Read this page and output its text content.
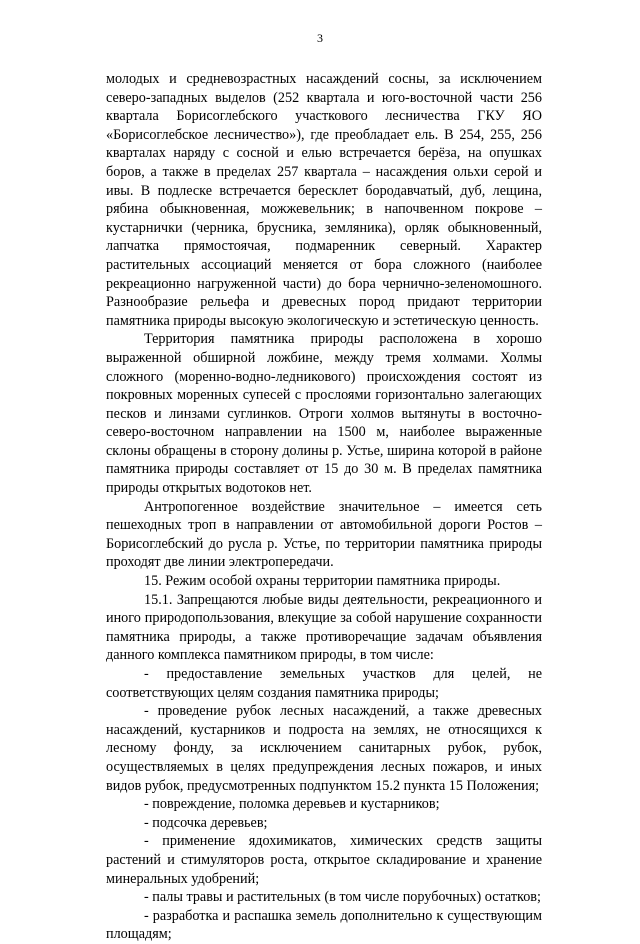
3

молодых и средневозрастных насаждений сосны, за исключением северо-западных выделов (252 квартала и юго-восточной части 256 квартала Борисоглебского участкового лесничества ГКУ ЯО «Борисоглебское лесничество»), где преобладает ель. В 254, 255, 256 кварталах наряду с сосной и елью встречается берёза, на опушках боров, а также в пределах 257 квартала – насаждения ольхи серой и ивы. В подлеске встречается бересклет бородавчатый, дуб, лещина, рябина обыкновенная, можжевельник; в напочвенном покрове – кустарнички (черника, брусника, земляника), орляк обыкновенный, лапчатка прямостоячая, подмаренник северный. Характер растительных ассоциаций меняется от бора сложного (наиболее рекреационно нагруженной части) до бора чернично-зеленомошного. Разнообразие рельефа и древесных пород придают территории памятника природы высокую экологическую и эстетическую ценность.

Территория памятника природы расположена в хорошо выраженной обширной ложбине, между тремя холмами. Холмы сложного (моренно-водно-ледникового) происхождения состоят из покровных моренных супесей с прослоями горизонтально залегающих песков и линзами суглинков. Отроги холмов вытянуты в восточно-северо-восточном направлении на 1500 м, наиболее выраженные склоны обращены в сторону долины р. Устье, ширина которой в районе памятника природы составляет от 15 до 30 м. В пределах памятника природы открытых водотоков нет.

Антропогенное воздействие значительное – имеется сеть пешеходных троп в направлении от автомобильной дороги Ростов – Борисоглебский до русла р. Устье, по территории памятника природы проходят две линии электропередачи.

15. Режим особой охраны территории памятника природы.

15.1. Запрещаются любые виды деятельности, рекреационного и иного природопользования, влекущие за собой нарушение сохранности памятника природы, а также противоречащие задачам объявления данного комплекса памятником природы, в том числе:

- предоставление земельных участков для целей, не соответствующих целям создания памятника природы;

- проведение рубок лесных насаждений, а также древесных насаждений, кустарников и подроста на землях, не относящихся к лесному фонду, за исключением санитарных рубок, рубок, осуществляемых в целях предупреждения лесных пожаров, и иных видов рубок, предусмотренных подпунктом 15.2 пункта 15 Положения;

- повреждение, поломка деревьев и кустарников;

- подсочка деревьев;

- применение ядохимикатов, химических средств защиты растений и стимуляторов роста, открытое складирование и хранение минеральных удобрений;

- палы травы и растительных (в том числе порубочных) остатков;

- разработка и распашка земель дополнительно к существующим площадям;
